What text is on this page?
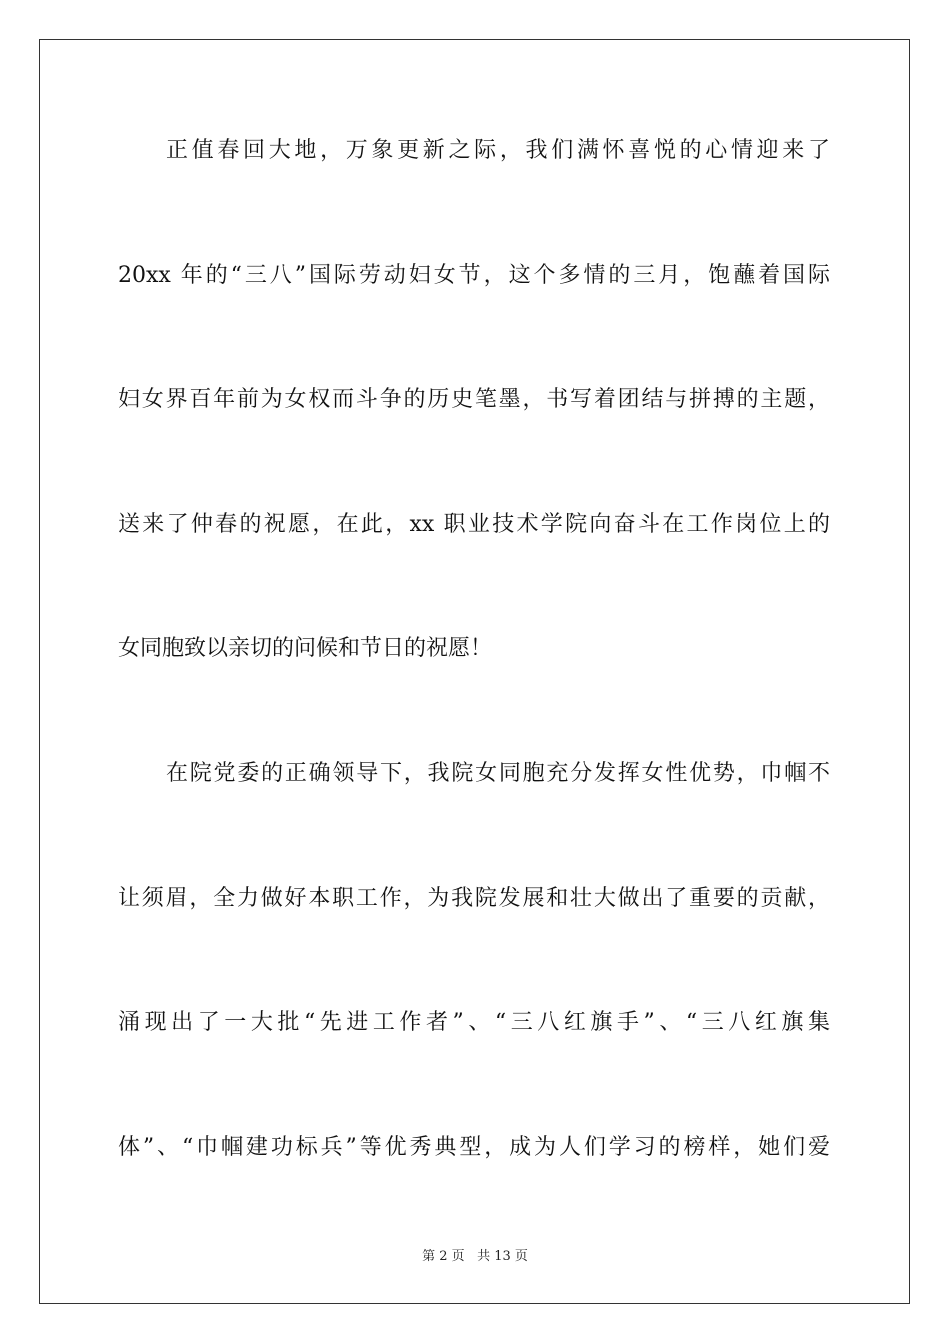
正值春回大地，万象更新之际，我们满怀喜悦的心情迎来了
20xx 年的“三八”国际劳动妇女节，这个多情的三月，饱蘸着国际
妇女界百年前为女权而斗争的历史笔墨，书写着团结与拼搏的主题，
送来了仲春的祝愿，在此，xx 职业技术学院向奋斗在工作岗位上的
女同胞致以亲切的问候和节日的祝愿！
在院党委的正确领导下，我院女同胞充分发挥女性优势，巾帼不
让须眉，全力做好本职工作，为我院发展和壮大做出了重要的贡献，
涌现出了一大批“先进工作者”、“三八红旗手”、“三八红旗集
体”、“巾帼建功标兵”等优秀典型，成为人们学习的榜样，她们爱
第 2 页 共 13 页
